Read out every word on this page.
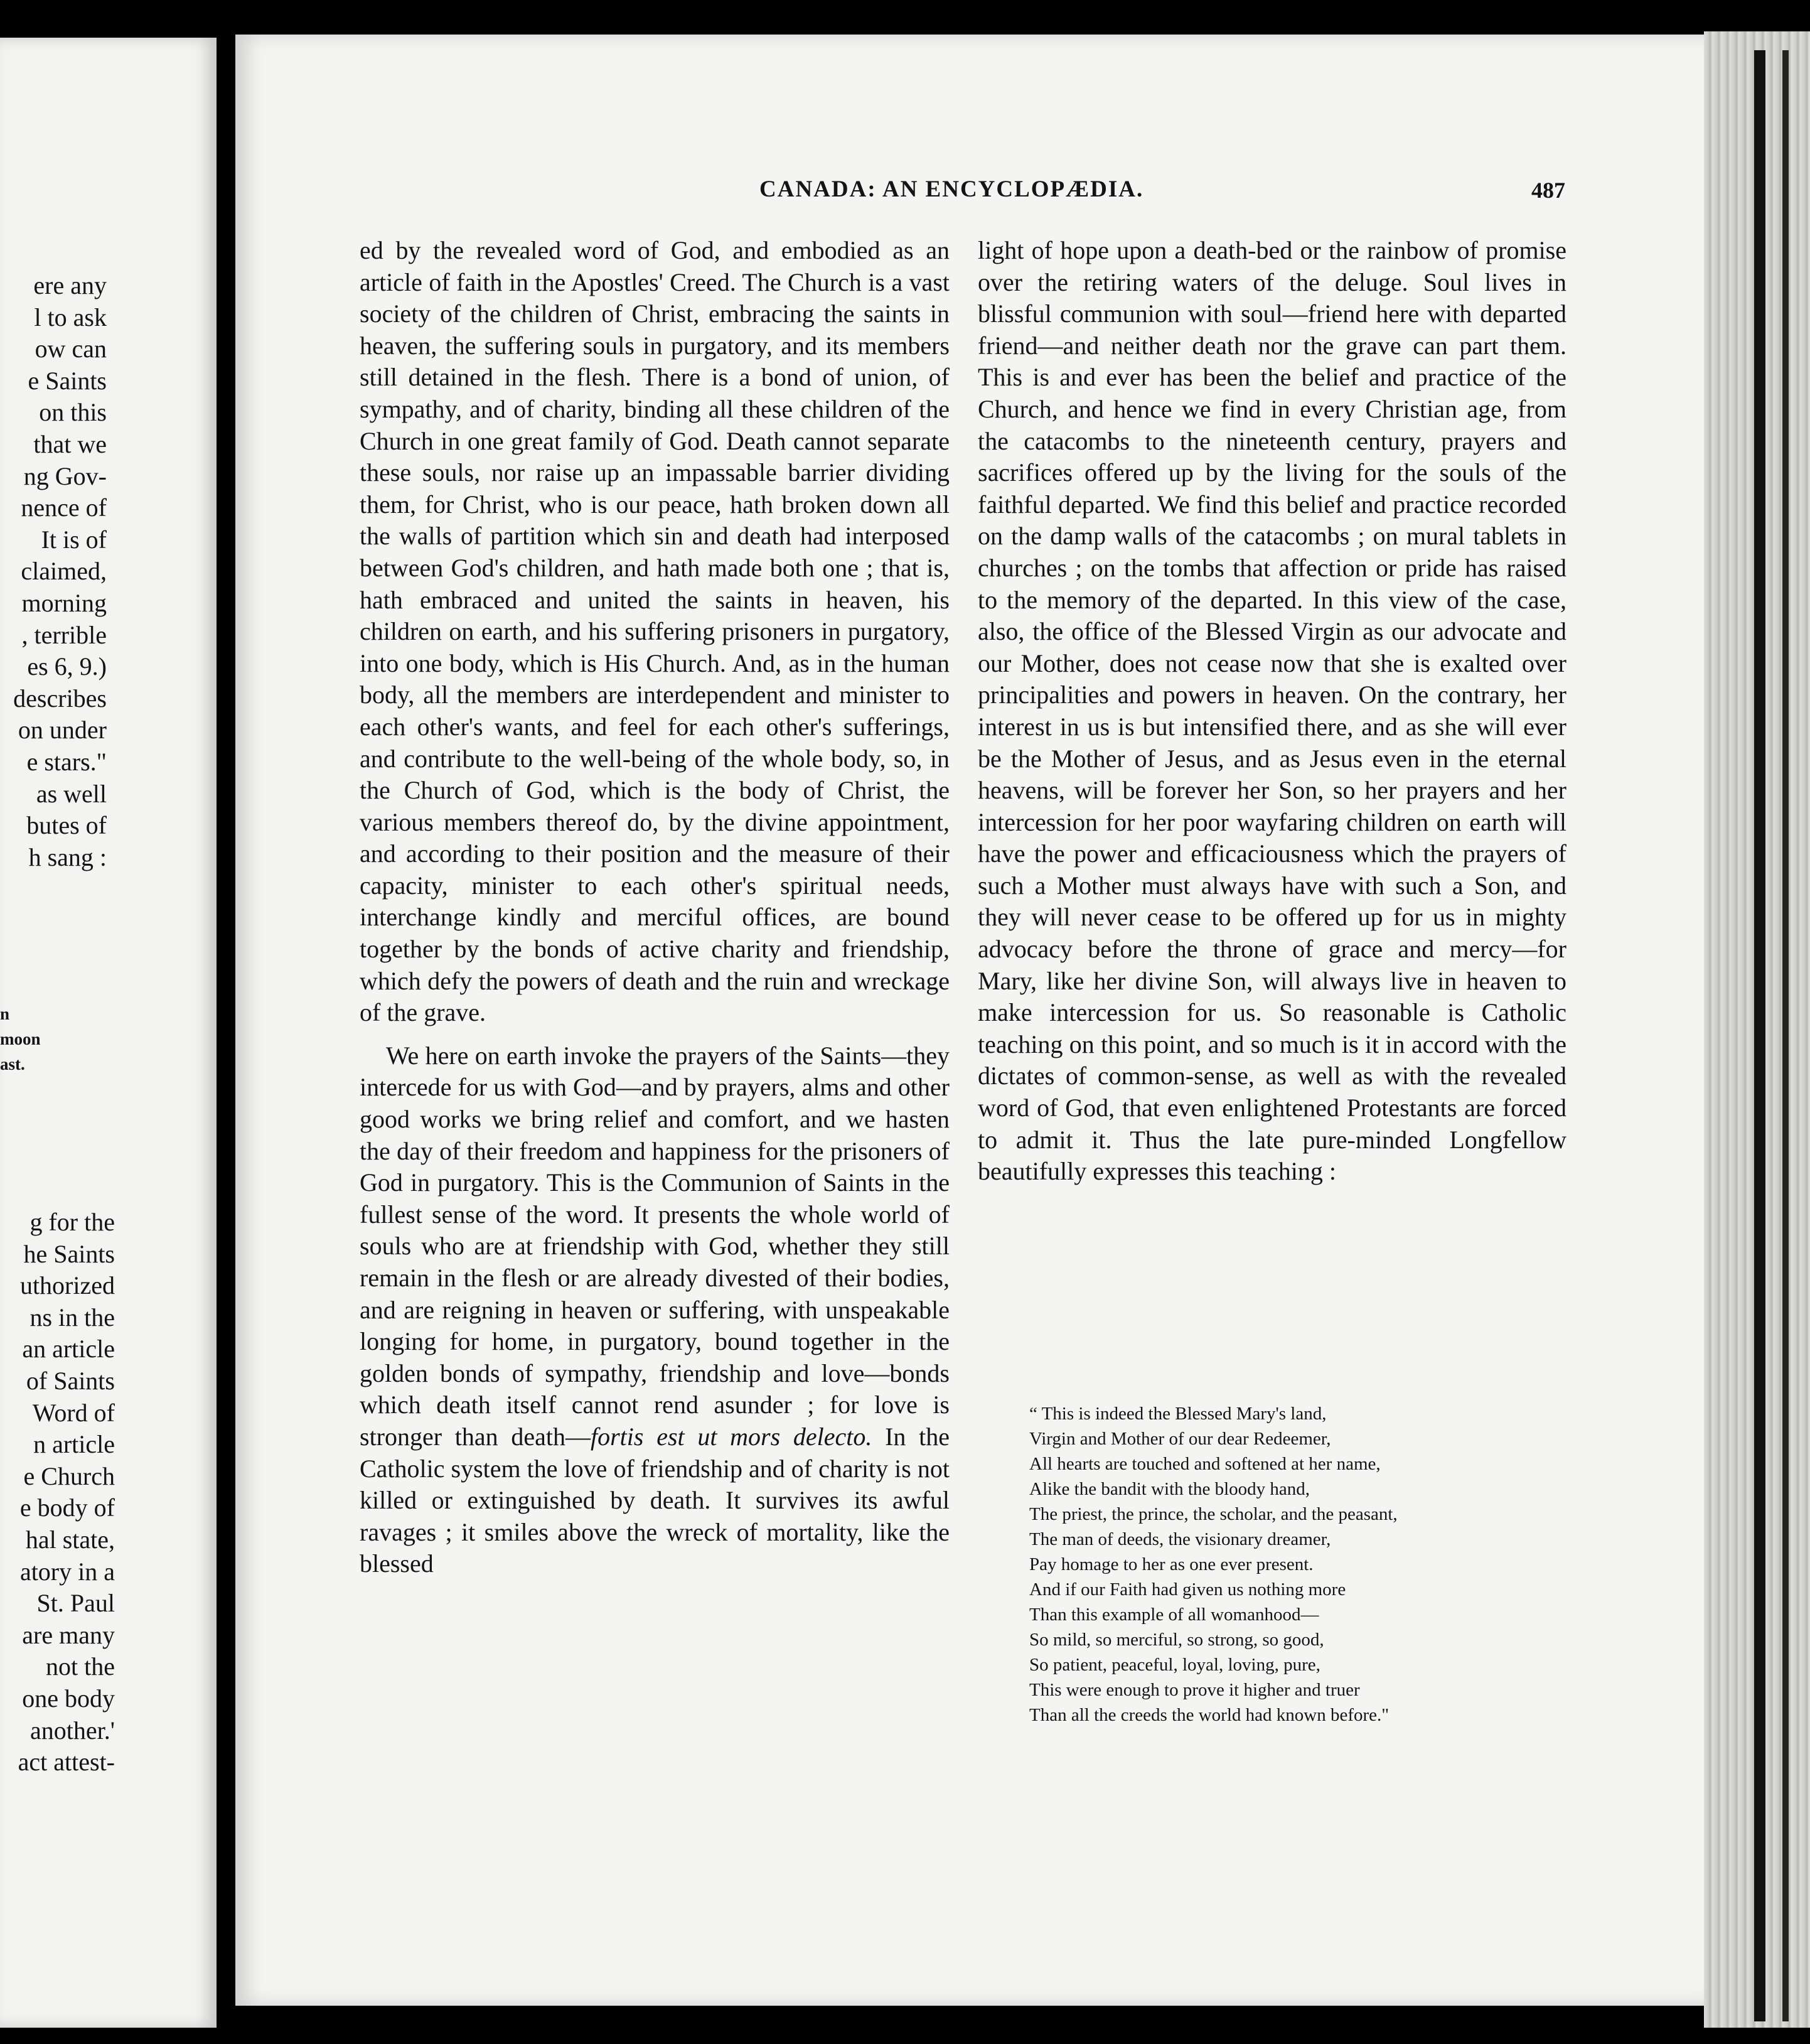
ere any
l to ask
ow can
e Saints
on this
that we
ng Gov-
nence of
It is of
claimed,
morning
, terrible
es 6, 9.)
describes
on under
e stars."
as well
butes of
h sang :
n
moon
ast.
g for the
he Saints
uthorized
ns in the
an article
of Saints
Word of
n article
e Church
e body of
hal state,
atory in a
St. Paul
are many
not the
one body
another.'
act attest-
CANADA: AN ENCYCLOPÆDIA.	487

ed by the revealed word of God, and embodied as an article of faith in the Apostles' Creed. The Church is a vast society of the children of Christ, embracing the saints in heaven, the suffering souls in purgatory, and its members still detained in the flesh. There is a bond of union, of sympathy, and of charity, binding all these children of the Church in one great family of God. Death cannot separate these souls, nor raise up an impassable barrier dividing them, for Christ, who is our peace, hath broken down all the walls of partition which sin and death had interposed between God's children, and hath made both one ; that is, hath embraced and united the saints in heaven, his children on earth, and his suffering prisoners in purgatory, into one body, which is His Church. And, as in the human body, all the members are interdependent and minister to each other's wants, and feel for each other's sufferings, and contribute to the well-being of the whole body, so, in the Church of God, which is the body of Christ, the various members thereof do, by the divine appointment, and according to their position and the measure of their capacity, minister to each other's spiritual needs, interchange kindly and merciful offices, are bound together by the bonds of active charity and friendship, which defy the powers of death and the ruin and wreckage of the grave.

We here on earth invoke the prayers of the Saints—they intercede for us with God—and by prayers, alms and other good works we bring relief and comfort, and we hasten the day of their freedom and happiness for the prisoners of God in purgatory. This is the Communion of Saints in the fullest sense of the word. It presents the whole world of souls who are at friendship with God, whether they still remain in the flesh or are already divested of their bodies, and are reigning in heaven or suffering, with unspeakable longing for home, in purgatory, bound together in the golden bonds of sympathy, friendship and love—bonds which death itself cannot rend asunder ; for love is stronger than death—fortis est ut mors delecto. In the Catholic system the love of friendship and of charity is not killed or extinguished by death. It survives its awful ravages ; it smiles above the wreck of mortality, like the blessed

light of hope upon a death-bed or the rainbow of promise over the retiring waters of the deluge. Soul lives in blissful communion with soul—friend here with departed friend—and neither death nor the grave can part them. This is and ever has been the belief and practice of the Church, and hence we find in every Christian age, from the catacombs to the nineteenth century, prayers and sacrifices offered up by the living for the souls of the faithful departed. We find this belief and practice recorded on the damp walls of the catacombs ; on mural tablets in churches ; on the tombs that affection or pride has raised to the memory of the departed. In this view of the case, also, the office of the Blessed Virgin as our advocate and our Mother, does not cease now that she is exalted over principalities and powers in heaven. On the contrary, her interest in us is but intensified there, and as she will ever be the Mother of Jesus, and as Jesus even in the eternal heavens, will be forever her Son, so her prayers and her intercession for her poor wayfaring children on earth will have the power and efficaciousness which the prayers of such a Mother must always have with such a Son, and they will never cease to be offered up for us in mighty advocacy before the throne of grace and mercy—for Mary, like her divine Son, will always live in heaven to make intercession for us. So reasonable is Catholic teaching on this point, and so much is it in accord with the dictates of common-sense, as well as with the revealed word of God, that even enlightened Protestants are forced to admit it. Thus the late pure-minded Longfellow beautifully expresses this teaching :

“ This is indeed the Blessed Mary's land,
Virgin and Mother of our dear Redeemer,
All hearts are touched and softened at her name,
Alike the bandit with the bloody hand,
The priest, the prince, the scholar, and the peasant,
The man of deeds, the visionary dreamer,
Pay homage to her as one ever present.
And if our Faith had given us nothing more
Than this example of all womanhood—
So mild, so merciful, so strong, so good,
So patient, peaceful, loyal, loving, pure,
This were enough to prove it higher and truer
Than all the creeds the world had known before."
